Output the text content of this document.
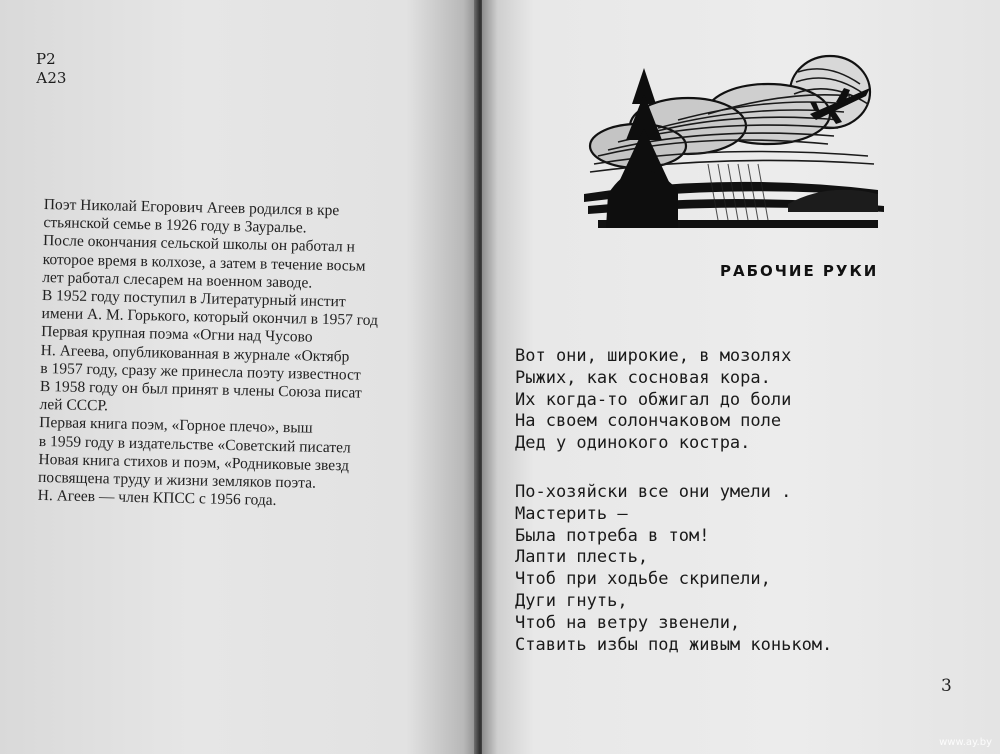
Р2
А23

Поэт Николай Егорович Агеев родился в кре

стьянской семье в 1926 году в Зауралье.

После окончания сельской школы он работал н

которое время в колхозе, а затем в течение восьм

лет работал слесарем на военном заводе.

В 1952 году поступил в Литературный инстит

имени А. М. Горького, который окончил в 1957 год

Первая крупная поэма «Огни над Чусово

Н. Агеева, опубликованная в журнале «Октябр

в 1957 году, сразу же принесла поэту известност

В 1958 году он был принят в члены Союза писат

лей СССР.

Первая книга поэм, «Горное плечо», выш

в 1959 году в издательстве «Советский писател

Новая книга стихов и поэм, «Родниковые звезд

посвящена труду и жизни земляков поэта.

Н. Агеев — член КПСС с 1956 года.

РАБОЧИЕ РУКИ
Вот они, широкие, в мозолях
Рыжих, как сосновая кора.
Их когда-то обжигал до боли
На своем солончаковом поле
Дед у одинокого костра.
По-хозяйски все они умели .
Мастерить —
Была потреба в том!
Лапти плесть,
Чтоб при ходьбе скрипели,
Дуги гнуть,
Чтоб на ветру звенели,
Ставить избы под живым коньком.
3
www.ay.by
